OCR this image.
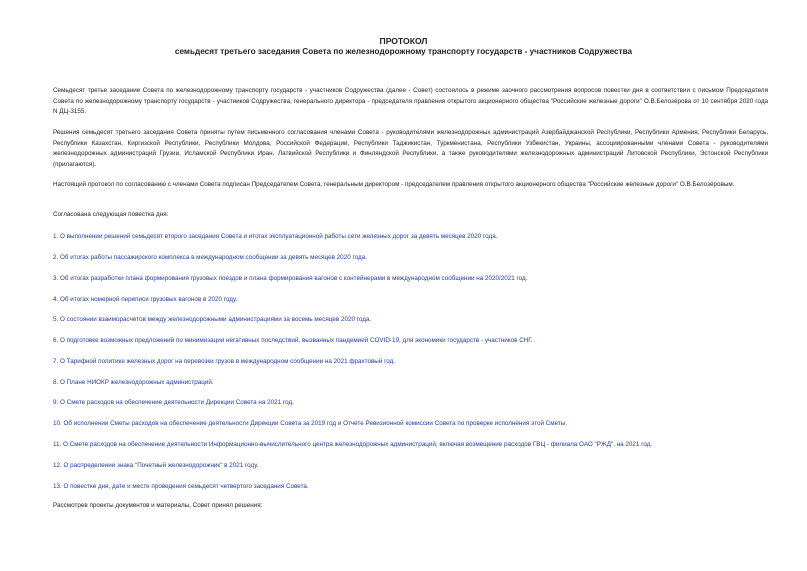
ПРОТОКОЛ
семьдесят третьего заседания Совета по железнодорожному транспорту государств - участников Содружества

Семьдесят третье заседание Совета по железнодорожному транспорту государств - участников Содружества (далее - Совет) состоялось в режиме заочного рассмотрения вопросов повестки дня в соответствии с письмом Председателя Совета по железнодорожному транспорту государств - участников Содружества, генерального директора - председателя правления открытого акционерного общества "Российские железные дороги" О.В.Белозёрова от 10 сентября 2020 года N ДЦ-3155.

Решения семьдесят третьего заседания Совета приняты путем письменного согласования членами Совета - руководителями железнодорожных администраций Азербайджанской Республики, Республики Армения, Республики Беларусь, Республики Казахстан, Киргизской Республики, Республики Молдова, Российской Федерации, Республики Таджикистан, Туркменистана, Республики Узбекистан, Украины, ассоциированными членами Совета - руководителями железнодорожных администраций Грузии, Исламской Республики Иран, Латвийской Республики и Финляндской Республики, а также руководителями железнодорожных администраций Литовской Республики, Эстонской Республики (прилагаются).

Настоящий протокол по согласованию с членами Совета подписан Председателем Совета, генеральным директором - председателем правления открытого акционерного общества "Российские железные дороги" О.В.Белозёровым.

Согласована следующая повестка дня:

1. О выполнении решений семьдесят второго заседания Совета и итогах эксплуатационной работы сети железных дорог за девять месяцев 2020 года.

2. Об итогах работы пассажирского комплекса в международном сообщении за девять месяцев 2020 года.

3. Об итогах разработки плана формирования грузовых поездов и плана формирования вагонов с контейнерами в международном сообщении на 2020/2021 год.

4. Об итогах номерной переписи грузовых вагонов в 2020 году.

5. О состоянии взаиморасчетов между железнодорожными администрациями за восемь месяцев 2020 года.

6. О подготовке возможных предложений по минимизации негативных последствий, вызванных пандемией COVID-19, для экономики государств - участников СНГ.

7. О Тарифной политике железных дорог на перевозки грузов в международном сообщении на 2021 фрахтовый год.

8. О Плане НИОКР железнодорожных администраций.

9. О Смете расходов на обеспечение деятельности Дирекции Совета на 2021 год.

10. Об исполнении Сметы расходов на обеспечение деятельности Дирекции Совета за 2019 год и Отчете Ревизионной комиссии Совета по проверке исполнения этой Сметы.

11. О Смете расходов на обеспечение деятельности Информационно-вычислительного центра железнодорожных администраций, включая возмещение расходов ГВЦ - филиала ОАО "РЖД", на 2021 год.

12. О распределении знака "Почетный железнодорожник" в 2021 году.

13. О повестке дня, дате и месте проведения семьдесят четвертого заседания Совета.

Рассмотрев проекты документов и материалы, Совет принял решения:
